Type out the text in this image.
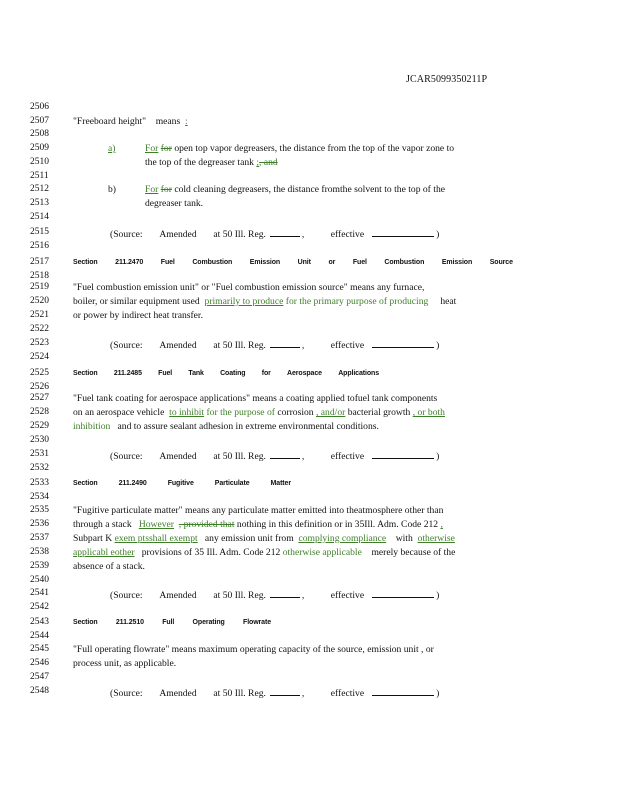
JCAR5099350211P
2506
2507
2508
2509
2510
2511
2512
2513
2514
2515
2516
2517
2518
2519
2520
2521
2522
2523
2524
2525
2526
2527
2528
2529
2530
2531
2532
2533
2534
2535
2536
2537
2538
2539
2540
2541
2542
2543
2544
2545
2546
2547
2548
"Freeboard height" means :
a)	For for open top vapor degreasers, the distance from the top of the vapor zone to
the top of the degreaser tank ;, and
b)	For for cold cleaning degreasers, the distance fromthe solvent to the top of the
degreaser tank.
(Source: Amended at 50 Ill. Reg.	,           effective	)
(Source: Amended at 50 Ill. Reg.	,           effective	)
(Source: Amended at 50 Ill. Reg.	,           effective	)
(Source: Amended at 50 Ill. Reg.	,           effective	)
(Source: Amended at 50 Ill. Reg.	,           effective	)
Section	211.2470	Fuel	Combustion	Emission	Unit	or	Fuel	Combustion	Emission	Source
"Fuel combustion emission unit" or "Fuel combustion emission source" means any furnace,
boiler, or similar equipment used primarily to produce for the primary purpose of producing heat
or power by indirect heat transfer.
Section 211.2485 Fuel Tank Coating for Aerospace Applications
"Fuel tank coating for aerospace applications" means a coating applied tofuel tank components
on an aerospace vehicle to inhibit for the purpose of corrosion , and/or bacterial growth , or both
inhibition and to assure sealant adhesion in extreme environmental conditions.
Section	211.2490	Fugitive	Particulate	Matter
"Fugitive particulate matter" means any particulate matter emitted into theatmosphere other than
through a stack However , provided that nothing in this definition or in 35Ill. Adm. Code 212 ,
Subpart K exem ptsshall exempt any emission unit from complying compliance with otherwise
applicabl eother provisions of 35 Ill. Adm. Code 212 otherwise applicable merely because of the
absence of a stack.
Section	211.2510	Full	Operating	Flowrate
"Full operating flowrate" means maximum operating capacity of the source, emission unit , or
process unit, as applicable.
